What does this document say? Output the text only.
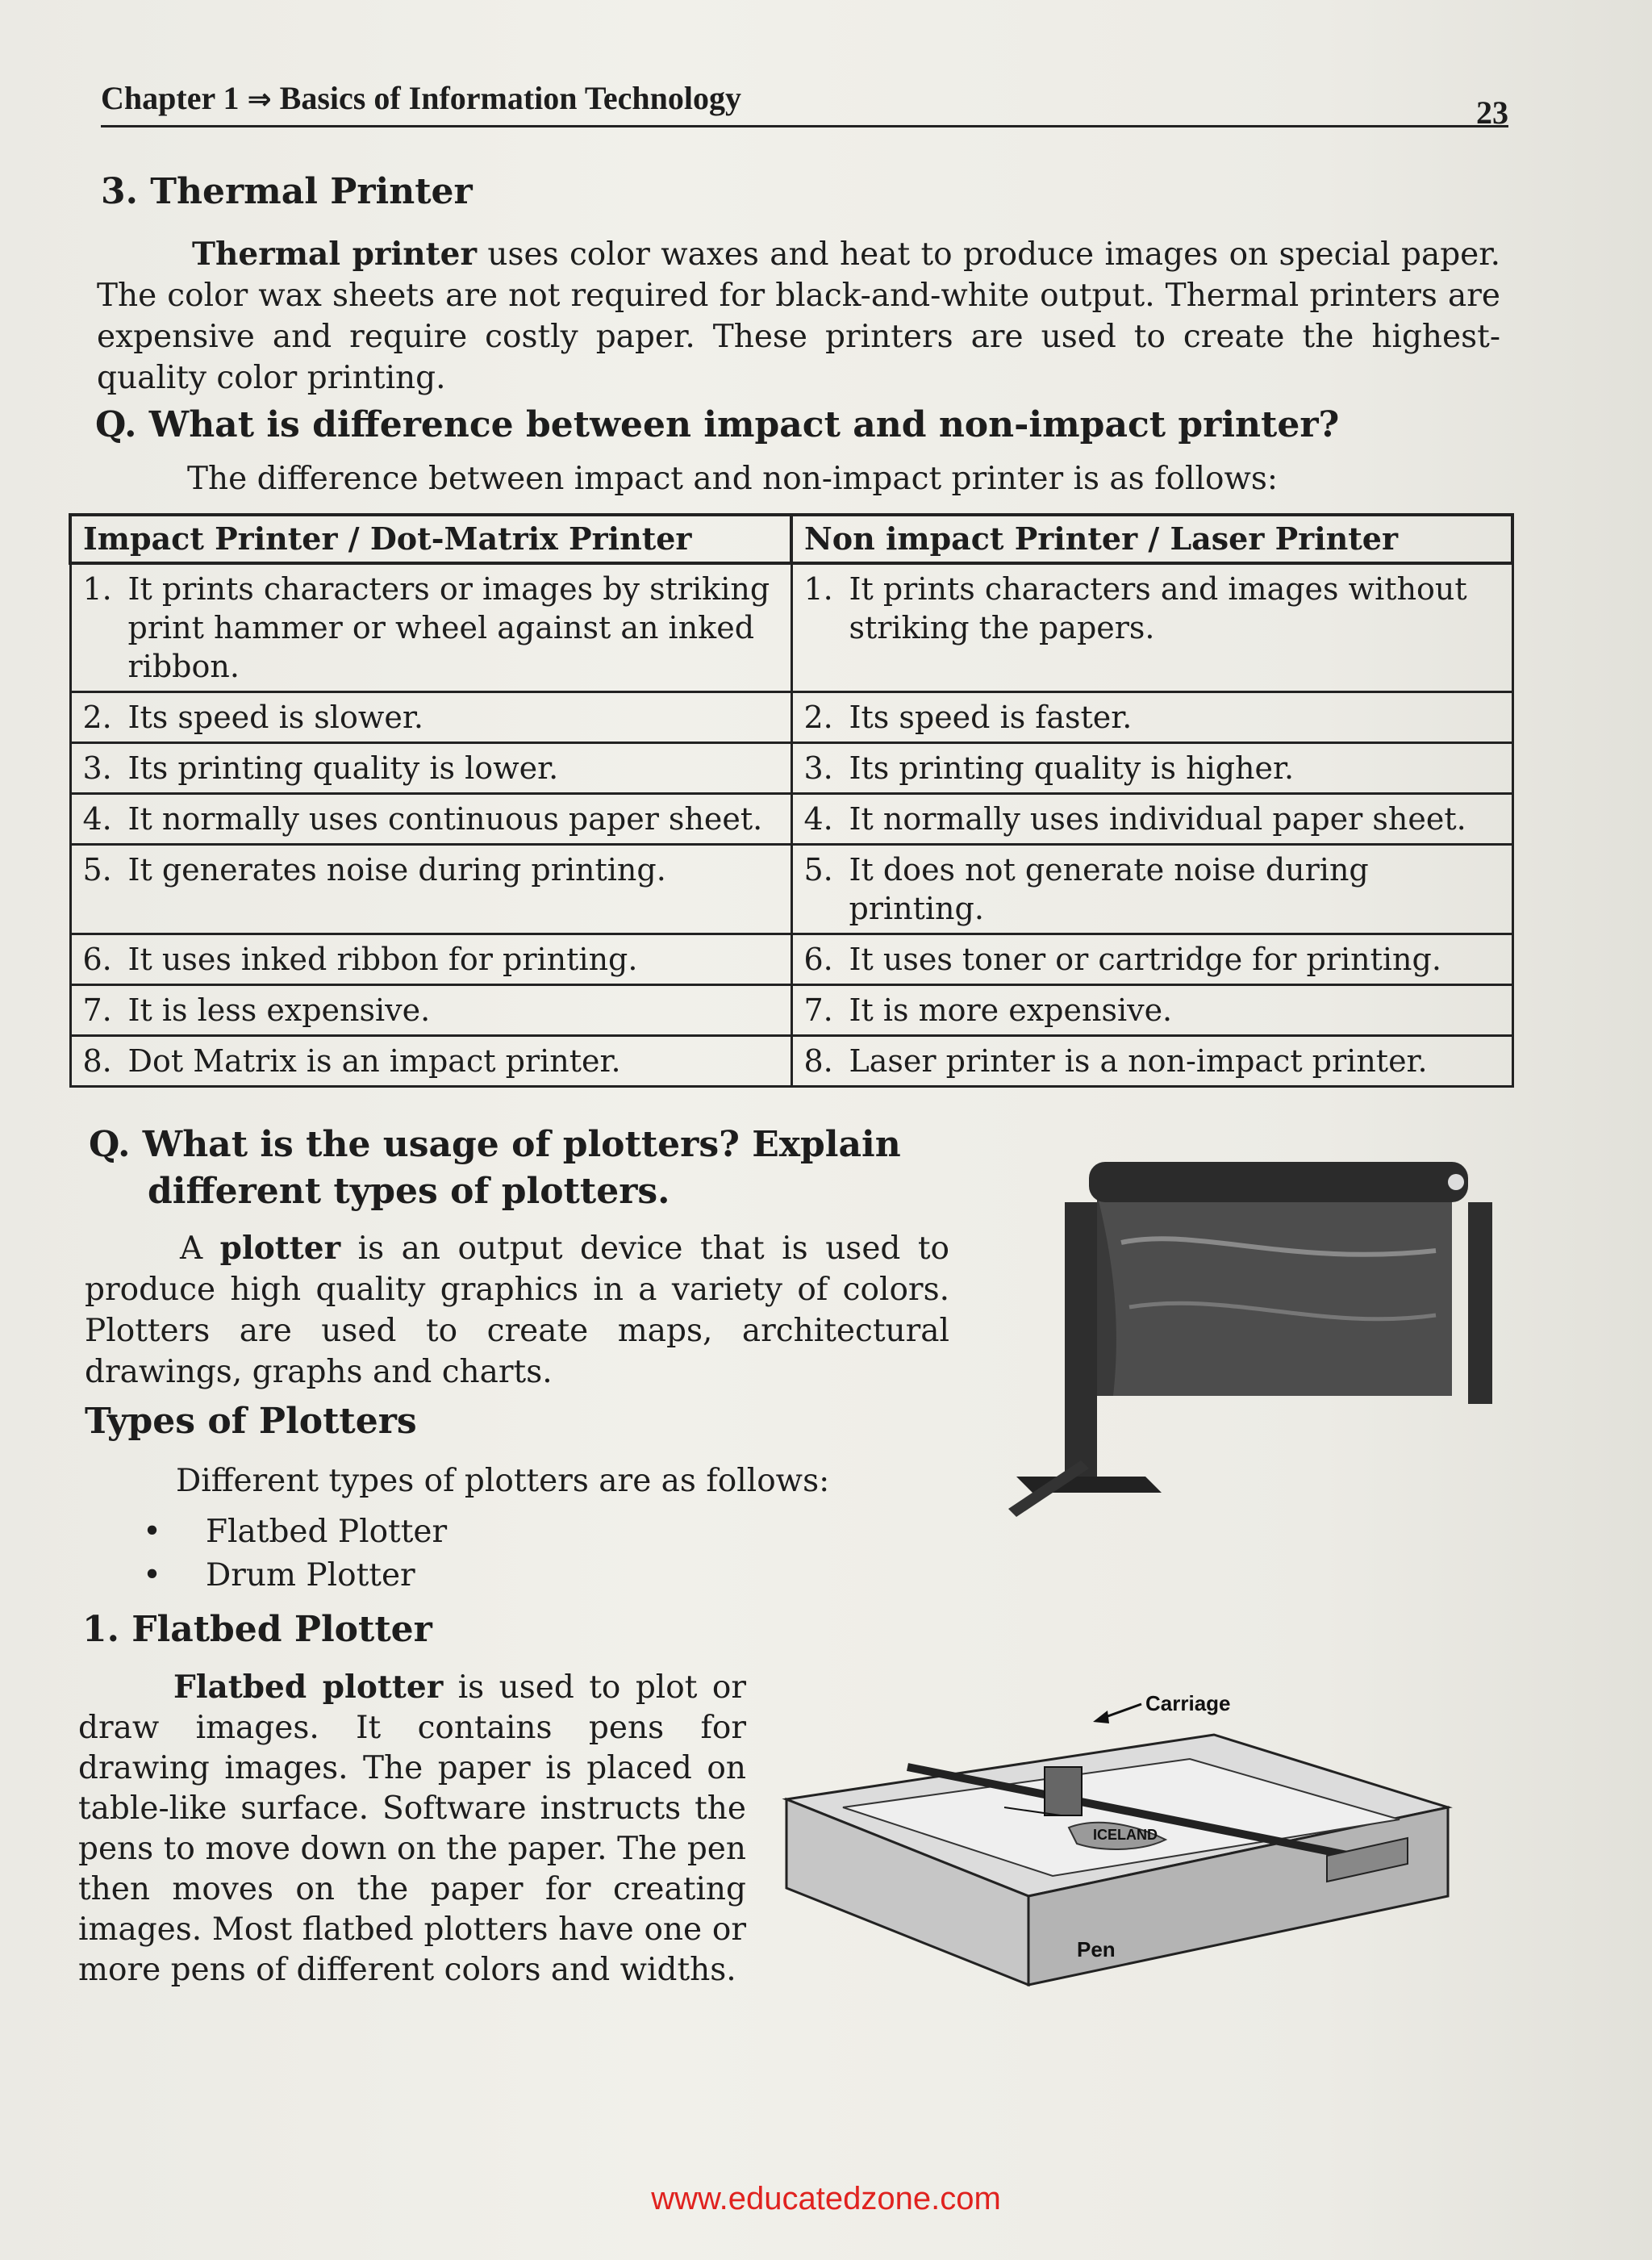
Chapter 1 ⇒ Basics of Information Technology	23
3. Thermal Printer

Thermal printer uses color waxes and heat to produce images on special paper. The color wax sheets are not required for black-and-white output. Thermal printers are expensive and require costly paper. These printers are used to create the highest-quality color printing.

Q. What is difference between impact and non-impact printer?

The difference between impact and non-impact printer is as follows:

Impact Printer / Dot-Matrix Printer	Non impact Printer / Laser Printer
1. It prints characters or images by striking print hammer or wheel against an inked ribbon.	1. It prints characters and images without striking the papers.
2. Its speed is slower.	2. Its speed is faster.
3. Its printing quality is lower.	3. Its printing quality is higher.
4. It normally uses continuous paper sheet.	4. It normally uses individual paper sheet.
5. It generates noise during printing.	5. It does not generate noise during printing.
6. It uses inked ribbon for printing.	6. It uses toner or cartridge for printing.
7. It is less expensive.	7. It is more expensive.
8. Dot Matrix is an impact printer.	8. Laser printer is a non-impact printer.
Q. What is the usage of plotters? Explain
different types of plotters.

A plotter is an output device that is used to produce high quality graphics in a variety of colors. Plotters are used to create maps, architectural drawings, graphs and charts.

Types of Plotters

Different types of plotters are as follows:

• Flatbed Plotter
• Drum Plotter
1. Flatbed Plotter

Flatbed plotter is used to plot or draw images. It contains pens for drawing images. The paper is placed on table-like surface. Software instructs the pens to move down on the paper. The pen then moves on the paper for creating images. Most flatbed plotters have one or more pens of different colors and widths.

ICELAND
Carriage
Pen
www.educatedzone.com
